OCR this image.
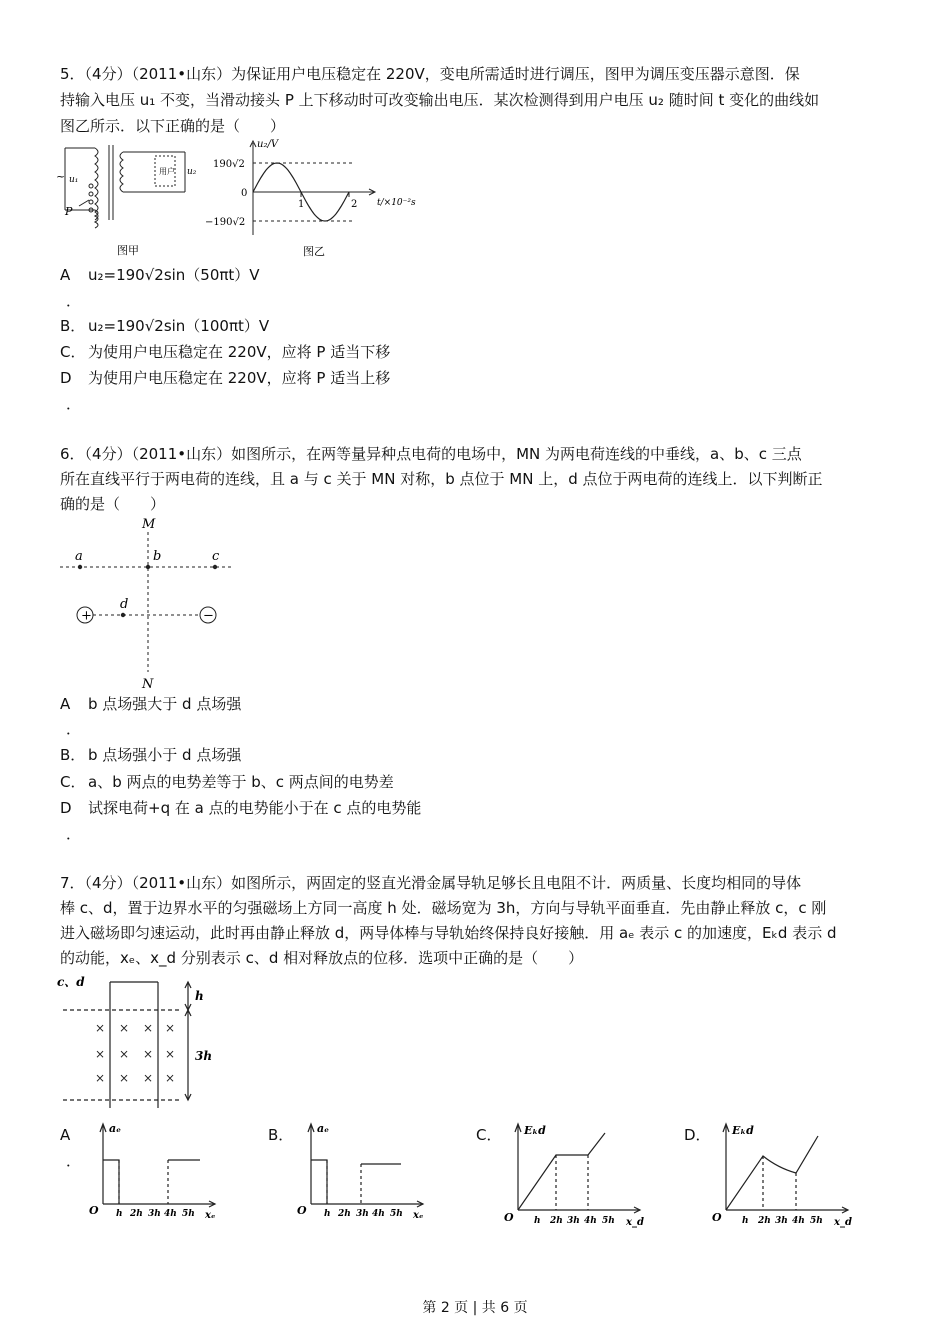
5．（4分）（2011•山东）为保证用户电压稳定在 220V，变电所需适时进行调压，图甲为调压变压器示意图．保
持输入电压 u₁ 不变，当滑动接头 P 上下移动时可改变输出电压．某次检测得到用户电压 u₂ 随时间 t 变化的曲线如
图乙所示．以下正确的是（　　）
~ u₁
P
u₂
用户
图甲
u₂/V
t/×10⁻²s
190√2
0
−190√2
1	2
图乙
A u₂=190√2sin（50πt）V
．
B． u₂=190√2sin（100πt）V
C． 为使用户电压稳定在 220V，应将 P 适当下移
D 为使用户电压稳定在 220V，应将 P 适当上移
．
6．（4分）（2011•山东）如图所示，在两等量异种点电荷的电场中，MN 为两电荷连线的中垂线，a、b、c 三点
所在直线平行于两电荷的连线，且 a 与 c 关于 MN 对称，b 点位于 MN 上，d 点位于两电荷的连线上．以下判断正
确的是（　　）
+	−
M
N
a	b	c
d
A b 点场强大于 d 点场强
．
B． b 点场强小于 d 点场强
C． a、b 两点的电势差等于 b、c 两点间的电势差
D 试探电荷+q 在 a 点的电势能小于在 c 点的电势能
．
7．（4分）（2011•山东）如图所示，两固定的竖直光滑金属导轨足够长且电阻不计．两质量、长度均相同的导体
棒 c、d，置于边界水平的匀强磁场上方同一高度 h 处．磁场宽为 3h，方向与导轨平面垂直．先由静止释放 c，c 刚
进入磁场即匀速运动，此时再由静止释放 d，两导体棒与导轨始终保持良好接触．用 aₑ 表示 c 的加速度，Eₖd 表示 d
的动能，xₑ、x_d 分别表示 c、d 相对释放点的位移．选项中正确的是（　　）
c、d
h
3h
× × × ×
× × × ×
× × × ×
A
．
B．	C．	D．
aₑ
O	xₑ
h 2h 3h 4h 5h
aₑ
O	xₑ
h 2h 3h 4h 5h
Eₖd
O	x_d
h 2h 3h 4h 5h
Eₖd
O	x_d
h 2h 3h 4h 5h
第 2 页 | 共 6 页
